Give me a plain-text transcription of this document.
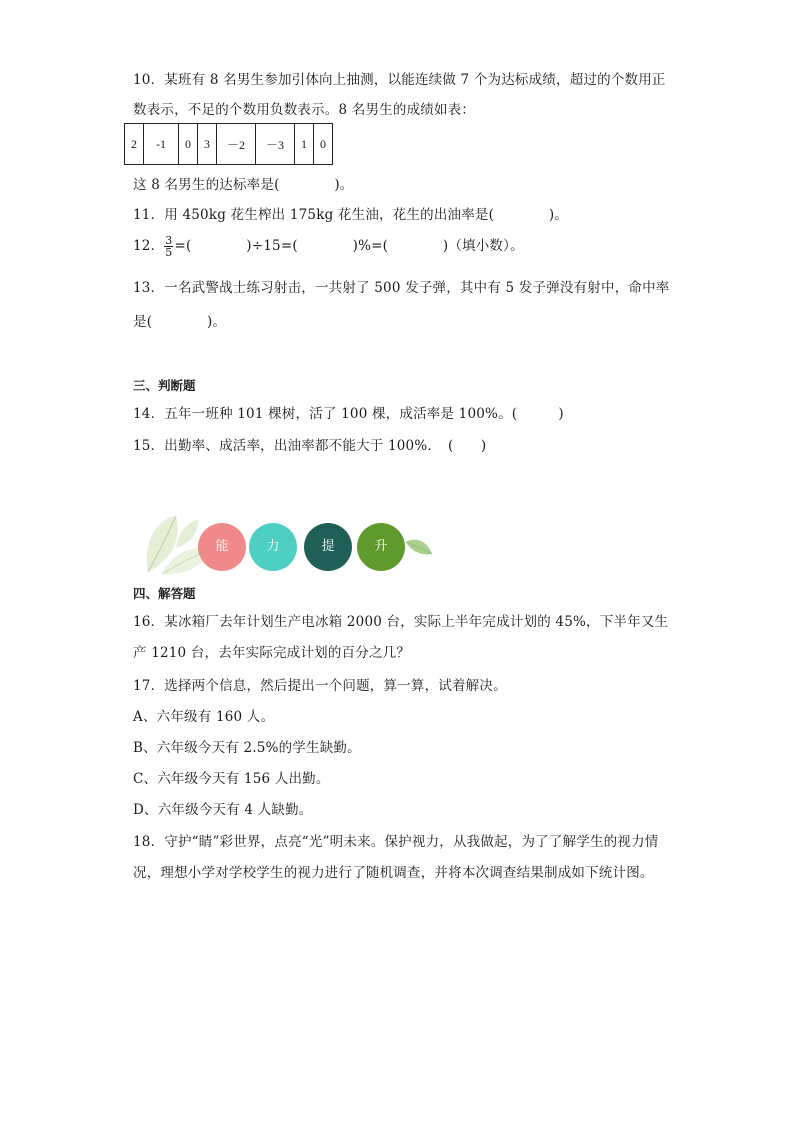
10．某班有 8 名男生参加引体向上抽测，以能连续做 7 个为达标成绩，超过的个数用正
数表示，不足的个数用负数表示。8 名男生的成绩如表：
2	-1	0	3	－2	－3	1	0
这 8 名男生的达标率是(　　　　)。
11．用 450kg 花生榨出 175kg 花生油，花生的出油率是(　　　　)。
12． $\frac{3}{5}$ =(　　　　)÷15=(　　　　)%=(　　　　)（填小数）。
13．一名武警战士练习射击，一共射了 500 发子弹，其中有 5 发子弹没有射中，命中率
是(　　　　)。
三、判断题
14．五年一班种 101 棵树，活了 100 棵，成活率是 100%。(　　　)
15．出勤率、成活率，出油率都不能大于 100%．　(　　)
能	力	提	升
四、解答题
16．某冰箱厂去年计划生产电冰箱 2000 台，实际上半年完成计划的 45%，下半年又生
产 1210 台，去年实际完成计划的百分之几？
17．选择两个信息，然后提出一个问题，算一算，试着解决。
A、六年级有 160 人。
B、六年级今天有 2.5%的学生缺勤。
C、六年级今天有 156 人出勤。
D、六年级今天有 4 人缺勤。
18．守护“睛”彩世界，点亮“光”明未来。保护视力，从我做起，为了了解学生的视力情
况，理想小学对学校学生的视力进行了随机调查，并将本次调查结果制成如下统计图。
